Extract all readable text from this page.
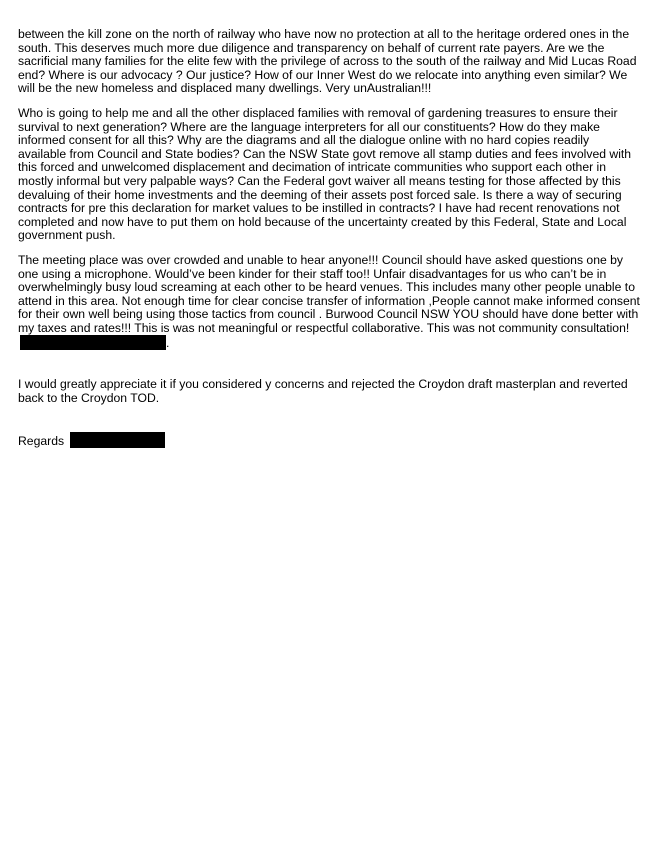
between the kill zone on the north of railway who have now no protection at all to the heritage ordered ones in the south. This deserves much more due diligence and transparency on behalf of current rate payers. Are we the sacrificial many families for the elite few with the privilege of across to the south of the railway and Mid Lucas Road end? Where is our advocacy ? Our justice? How of our Inner West do we relocate into anything even similar? We will be the new homeless and displaced many dwellings. Very unAustralian!!!

Who is going to help me and all the other displaced families with removal of gardening treasures to ensure their survival to next generation? Where are the language interpreters for all our constituents? How do they make informed consent for all this? Why are the diagrams and all the dialogue online with no hard copies readily available from Council and State bodies? Can the NSW State govt remove all stamp duties and fees involved with this forced and unwelcomed displacement and decimation of intricate communities who support each other in mostly informal but very palpable ways? Can the Federal govt waiver all means testing for those affected by this devaluing of their home investments and the deeming of their assets post forced sale. Is there a way of securing contracts for pre this declaration for market values to be instilled in contracts? I have had recent renovations not completed and now have to put them on hold because of the uncertainty created by this Federal, State and Local government push.

The meeting place was over crowded and unable to hear anyone!!! Council should have asked questions one by one using a microphone. Would’ve been kinder for their staff too!! Unfair disadvantages for us who can’t be in overwhelmingly busy loud screaming at each other to be heard venues. This includes many other people unable to attend in this area. Not enough time for clear concise transfer of information ,People cannot make informed consent for their own well being using those tactics from council . Burwood Council NSW YOU should have done better with my taxes and rates!!! This is was not meaningful or respectful collaborative. This was not community consultation! .

I would greatly appreciate it if you considered y concerns and rejected the Croydon draft masterplan and reverted back to the Croydon TOD.

Regards
